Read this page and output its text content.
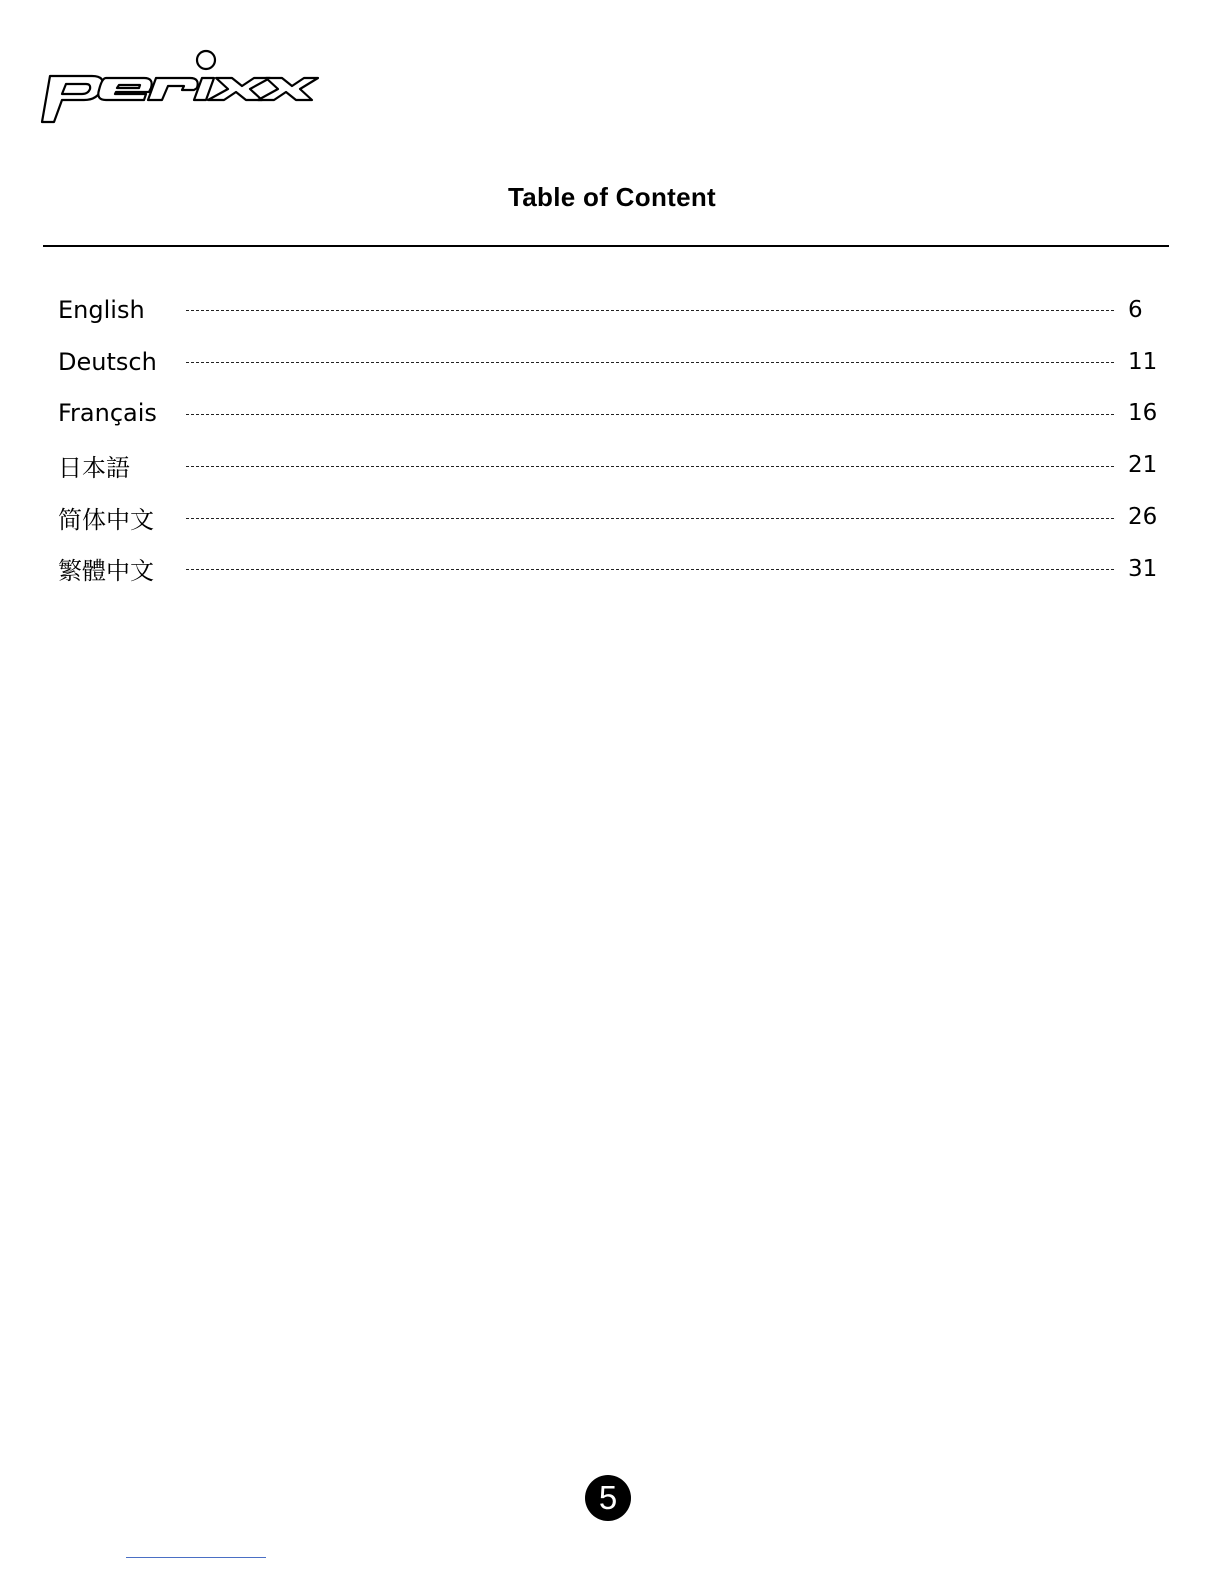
Table of Content
English	6
Deutsch	11
Français	16
日本語	21
简体中文	26
繁體中文	31
5
